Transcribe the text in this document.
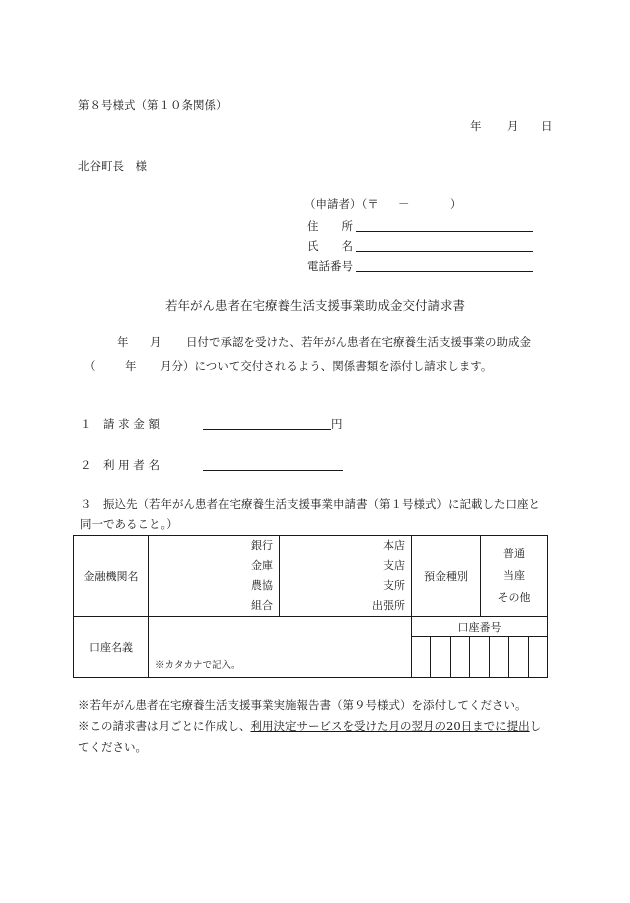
第８号様式（第１０条関係）
年 月 日
北谷町長　様
（申請者）（〒 －	）
住　　所
氏　　名
電話番号
若年がん患者在宅療養生活支援事業助成金交付請求書
年 月 日付で承認を受けた、若年がん患者在宅療養生活支援事業の助成金
（	年 月分）について交付されるよう、関係書類を添付し請求します。
１　請 求 金 額	円
２　利 用 者 名
３　振込先（若年がん患者在宅療養生活支援事業申請書（第１号様式）に記載した口座と
同一であること。）
金融機関名	銀行
金庫
農協
組合	本店
支店
支所
出張所	預金種別	普通
当座
その他

口座名義	※カタカナで記入。		口座番号	

※若年がん患者在宅療養生活支援事業実施報告書（第９号様式）を添付してください。
※この請求書は月ごとに作成し、利用決定サービスを受けた月の翌月の20日までに提出し
てください。
